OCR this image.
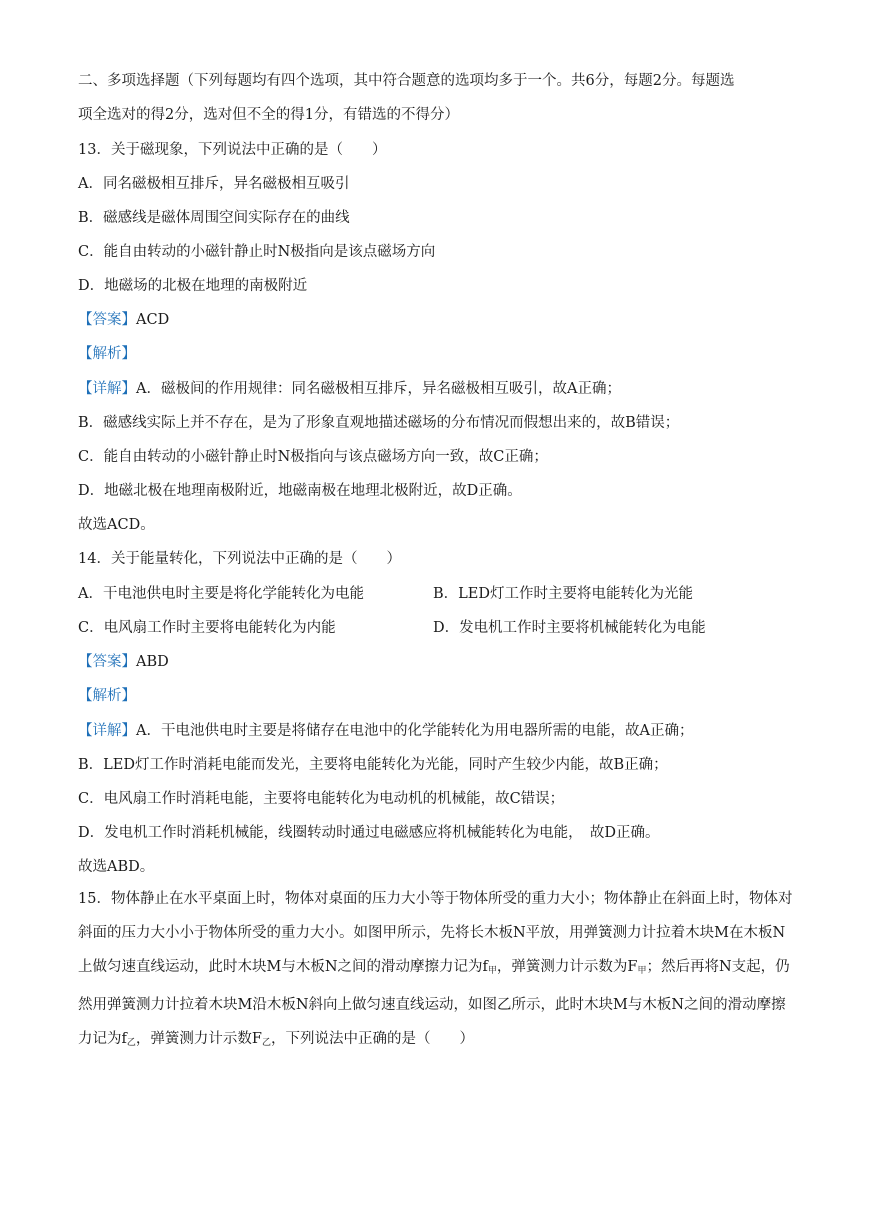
二、多项选择题（下列每题均有四个选项，其中符合题意的选项均多于一个。共6分，每题2分。每题选
项全选对的得2分，选对但不全的得1分，有错选的不得分）
13．关于磁现象，下列说法中正确的是（　　）
A．同名磁极相互排斥，异名磁极相互吸引
B．磁感线是磁体周围空间实际存在的曲线
C．能自由转动的小磁针静止时N极指向是该点磁场方向
D．地磁场的北极在地理的南极附近
【答案】ACD
【解析】
【详解】A．磁极间的作用规律：同名磁极相互排斥，异名磁极相互吸引，故A正确；
B．磁感线实际上并不存在，是为了形象直观地描述磁场的分布情况而假想出来的，故B错误；
C．能自由转动的小磁针静止时N极指向与该点磁场方向一致，故C正确；
D．地磁北极在地理南极附近，地磁南极在地理北极附近，故D正确。
故选ACD。
14．关于能量转化，下列说法中正确的是（　　）
A．干电池供电时主要是将化学能转化为电能	B．LED灯工作时主要将电能转化为光能
C．电风扇工作时主要将电能转化为内能	D．发电机工作时主要将机械能转化为电能
【答案】ABD
【解析】
【详解】A．干电池供电时主要是将储存在电池中的化学能转化为用电器所需的电能，故A正确；
B．LED灯工作时消耗电能而发光，主要将电能转化为光能，同时产生较少内能，故B正确；
C．电风扇工作时消耗电能，主要将电能转化为电动机的机械能，故C错误；
D．发电机工作时消耗机械能，线圈转动时通过电磁感应将机械能转化为电能，　故D正确。
故选ABD。
15．物体静止在水平桌面上时，物体对桌面的压力大小等于物体所受的重力大小；物体静止在斜面上时，物体对斜面的压力大小小于物体所受的重力大小。如图甲所示，先将长木板N平放，用弹簧测力计拉着木块M在木板N上做匀速直线运动，此时木块M与木板N之间的滑动摩擦力记为$f_甲$，弹簧测力计示数为$F_甲$；然后再将N支起，仍然用弹簧测力计拉着木块M沿木板N斜向上做匀速直线运动，如图乙所示，此时木块M与木板N之间的滑动摩擦力记为$f_乙$，弹簧测力计示数$F_乙$，下列说法中正确的是（　　）
